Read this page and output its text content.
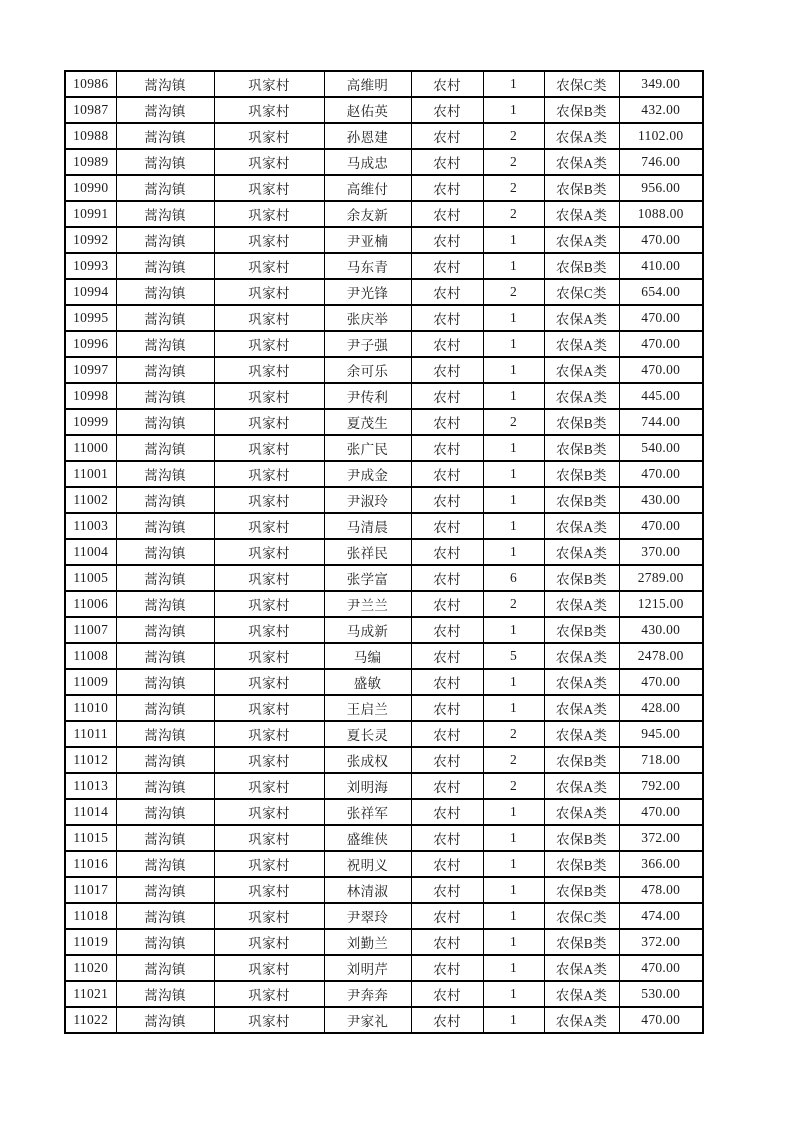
10986	蒿沟镇	巩家村	高维明	农村	1	农保C类	349.00
10987	蒿沟镇	巩家村	赵佑英	农村	1	农保B类	432.00
10988	蒿沟镇	巩家村	孙恩建	农村	2	农保A类	1102.00
10989	蒿沟镇	巩家村	马成忠	农村	2	农保A类	746.00
10990	蒿沟镇	巩家村	高维付	农村	2	农保B类	956.00
10991	蒿沟镇	巩家村	余友新	农村	2	农保A类	1088.00
10992	蒿沟镇	巩家村	尹亚楠	农村	1	农保A类	470.00
10993	蒿沟镇	巩家村	马东青	农村	1	农保B类	410.00
10994	蒿沟镇	巩家村	尹光锋	农村	2	农保C类	654.00
10995	蒿沟镇	巩家村	张庆举	农村	1	农保A类	470.00
10996	蒿沟镇	巩家村	尹子强	农村	1	农保A类	470.00
10997	蒿沟镇	巩家村	余可乐	农村	1	农保A类	470.00
10998	蒿沟镇	巩家村	尹传利	农村	1	农保A类	445.00
10999	蒿沟镇	巩家村	夏茂生	农村	2	农保B类	744.00
11000	蒿沟镇	巩家村	张广民	农村	1	农保B类	540.00
11001	蒿沟镇	巩家村	尹成金	农村	1	农保B类	470.00
11002	蒿沟镇	巩家村	尹淑玲	农村	1	农保B类	430.00
11003	蒿沟镇	巩家村	马清晨	农村	1	农保A类	470.00
11004	蒿沟镇	巩家村	张祥民	农村	1	农保A类	370.00
11005	蒿沟镇	巩家村	张学富	农村	6	农保B类	2789.00
11006	蒿沟镇	巩家村	尹兰兰	农村	2	农保A类	1215.00
11007	蒿沟镇	巩家村	马成新	农村	1	农保B类	430.00
11008	蒿沟镇	巩家村	马编	农村	5	农保A类	2478.00
11009	蒿沟镇	巩家村	盛敏	农村	1	农保A类	470.00
11010	蒿沟镇	巩家村	王启兰	农村	1	农保A类	428.00
11011	蒿沟镇	巩家村	夏长灵	农村	2	农保A类	945.00
11012	蒿沟镇	巩家村	张成权	农村	2	农保B类	718.00
11013	蒿沟镇	巩家村	刘明海	农村	2	农保A类	792.00
11014	蒿沟镇	巩家村	张祥军	农村	1	农保A类	470.00
11015	蒿沟镇	巩家村	盛维侠	农村	1	农保B类	372.00
11016	蒿沟镇	巩家村	祝明义	农村	1	农保B类	366.00
11017	蒿沟镇	巩家村	林清淑	农村	1	农保B类	478.00
11018	蒿沟镇	巩家村	尹翠玲	农村	1	农保C类	474.00
11019	蒿沟镇	巩家村	刘勤兰	农村	1	农保B类	372.00
11020	蒿沟镇	巩家村	刘明芹	农村	1	农保A类	470.00
11021	蒿沟镇	巩家村	尹奔奔	农村	1	农保A类	530.00
11022	蒿沟镇	巩家村	尹家礼	农村	1	农保A类	470.00
